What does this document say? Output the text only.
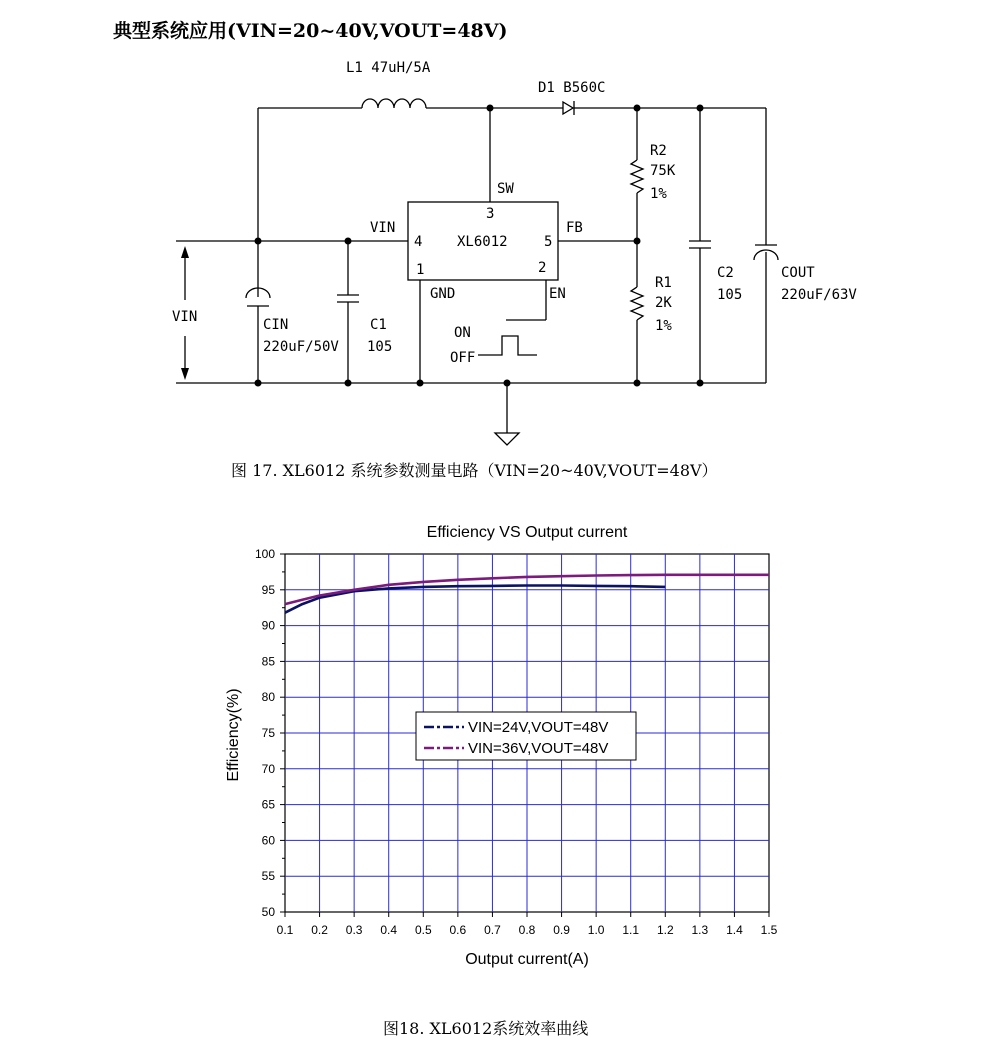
典型系统应用(VIN=20~40V,VOUT=48V)
L1 47uH/5A
D1 B560C
R2
75K
1%
SW
3
VIN
4 XL6012	5
FB
1	2
GND	EN
R1
2K
1%
C2
105
COUT
220uF/63V
VIN	CIN
220uF/50V
C1
105
ON
OFF
图 17. XL6012 系统参数测量电路（VIN=20~40V,VOUT=48V）
Efficiency VS Output current
Output current(A)
Efficiency(%)
0.1 0.2 0.3 0.4 0.5 0.6 0.7 0.8 0.9 1.0 1.1 1.2 1.3 1.4 1.5
50
55
60
65
70
75
80
85
90
95
100
VIN=24V,VOUT=48V
VIN=36V,VOUT=48V
图18. XL6012系统效率曲线
